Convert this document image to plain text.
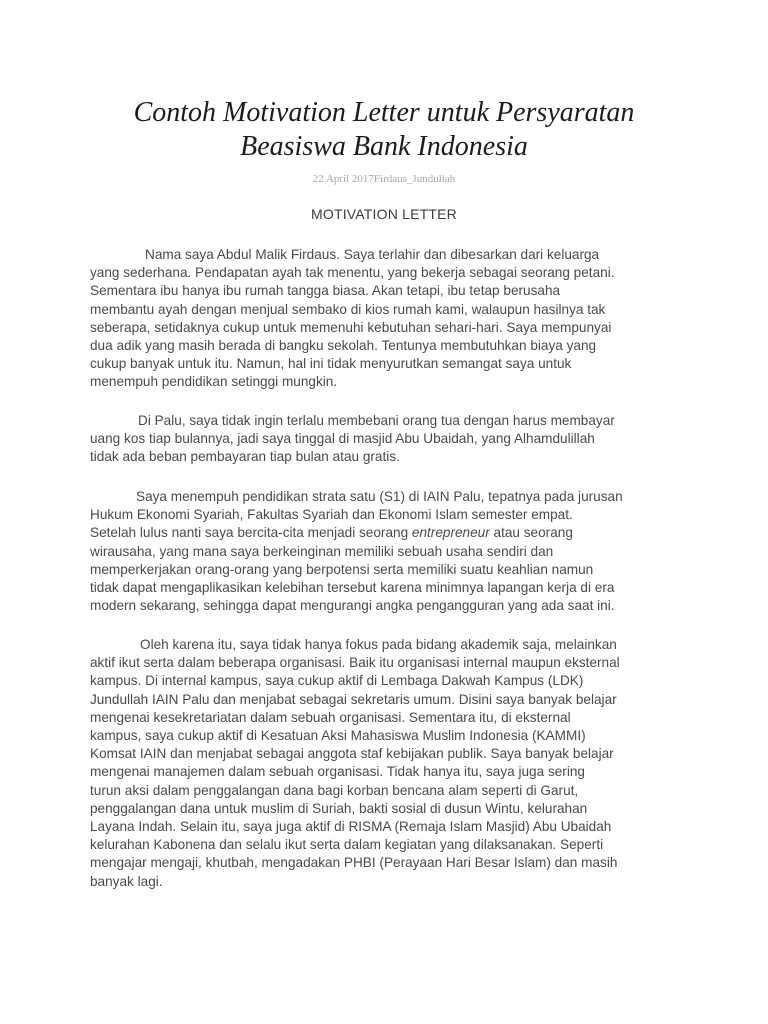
Contoh Motivation Letter untuk Persyaratan
Beasiswa Bank Indonesia
22 April 2017Firdaus_Jundullah
MOTIVATION LETTER

Nama saya Abdul Malik Firdaus. Saya terlahir dan dibesarkan dari keluarga
yang sederhana. Pendapatan ayah tak menentu, yang bekerja sebagai seorang petani.
Sementara ibu hanya ibu rumah tangga biasa. Akan tetapi, ibu tetap berusaha
membantu ayah dengan menjual sembako di kios rumah kami, walaupun hasilnya tak
seberapa, setidaknya cukup untuk memenuhi kebutuhan sehari-hari. Saya mempunyai
dua adik yang masih berada di bangku sekolah. Tentunya membutuhkan biaya yang
cukup banyak untuk itu. Namun, hal ini tidak menyurutkan semangat saya untuk
menempuh pendidikan setinggi mungkin.

Di Palu, saya tidak ingin terlalu membebani orang tua dengan harus membayar
uang kos tiap bulannya, jadi saya tinggal di masjid Abu Ubaidah, yang Alhamdulillah
tidak ada beban pembayaran tiap bulan atau gratis.

Saya menempuh pendidikan strata satu (S1) di IAIN Palu, tepatnya pada jurusan
Hukum Ekonomi Syariah, Fakultas Syariah dan Ekonomi Islam semester empat.
Setelah lulus nanti saya bercita-cita menjadi seorang entrepreneur atau seorang
wirausaha, yang mana saya berkeinginan memiliki sebuah usaha sendiri dan
memperkerjakan orang-orang yang berpotensi serta memiliki suatu keahlian namun
tidak dapat mengaplikasikan kelebihan tersebut karena minimnya lapangan kerja di era
modern sekarang, sehingga dapat mengurangi angka pengangguran yang ada saat ini.

Oleh karena itu, saya tidak hanya fokus pada bidang akademik saja, melainkan
aktif ikut serta dalam beberapa organisasi. Baik itu organisasi internal maupun eksternal
kampus. Di internal kampus, saya cukup aktif di Lembaga Dakwah Kampus (LDK)
Jundullah IAIN Palu dan menjabat sebagai sekretaris umum. Disini saya banyak belajar
mengenai kesekretariatan dalam sebuah organisasi. Sementara itu, di eksternal
kampus, saya cukup aktif di Kesatuan Aksi Mahasiswa Muslim Indonesia (KAMMI)
Komsat IAIN dan menjabat sebagai anggota staf kebijakan publik. Saya banyak belajar
mengenai manajemen dalam sebuah organisasi. Tidak hanya itu, saya juga sering
turun aksi dalam penggalangan dana bagi korban bencana alam seperti di Garut,
penggalangan dana untuk muslim di Suriah, bakti sosial di dusun Wintu, kelurahan
Layana Indah. Selain itu, saya juga aktif di RISMA (Remaja Islam Masjid) Abu Ubaidah
kelurahan Kabonena dan selalu ikut serta dalam kegiatan yang dilaksanakan. Seperti
mengajar mengaji, khutbah, mengadakan PHBI (Perayaan Hari Besar Islam) dan masih
banyak lagi.
